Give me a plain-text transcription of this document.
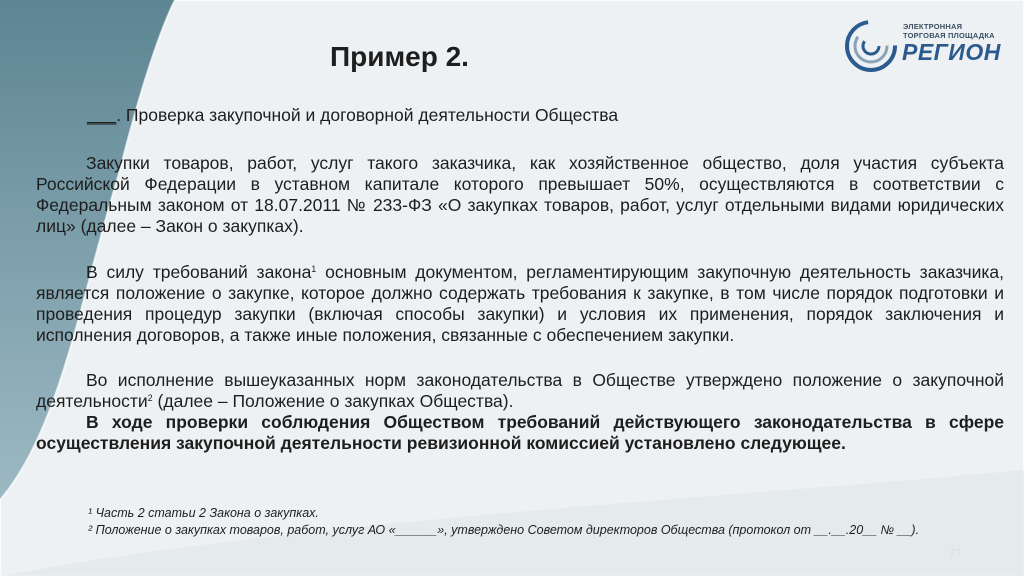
ЭЛЕКТРОННАЯ
ТОРГОВАЯ ПЛОЩАДКА
РЕГИОН
Пример 2.
___. Проверка закупочной и договорной деятельности Общества
Закупки товаров, работ, услуг такого заказчика, как хозяйственное общество, доля участия субъекта Российской Федерации в уставном капитале которого превышает 50%, осуществляются в соответствии с Федеральным законом от 18.07.2011 № 233-ФЗ «О закупках товаров, работ, услуг отдельными видами юридических лиц» (далее – Закон о закупках).
В силу требований закона$^1$ основным документом, регламентирующим закупочную деятельность заказчика, является положение о закупке, которое должно содержать требования к закупке, в том числе порядок подготовки и проведения процедур закупки (включая способы закупки) и условия их применения, порядок заключения и исполнения договоров, а также иные положения, связанные с обеспечением закупки.
Во исполнение вышеуказанных норм законодательства в Обществе утверждено положение о закупочной деятельности$^2$ (далее – Положение о закупках Общества).
В ходе проверки соблюдения Обществом требований действующего законодательства в сфере осуществления закупочной деятельности ревизионной комиссией установлено следующее.
¹ Часть 2 статьи 2 Закона о закупках.
² Положение о закупках товаров, работ, услуг АО «______», утверждено Советом директоров Общества (протокол от __.__.20__ № __).
27
